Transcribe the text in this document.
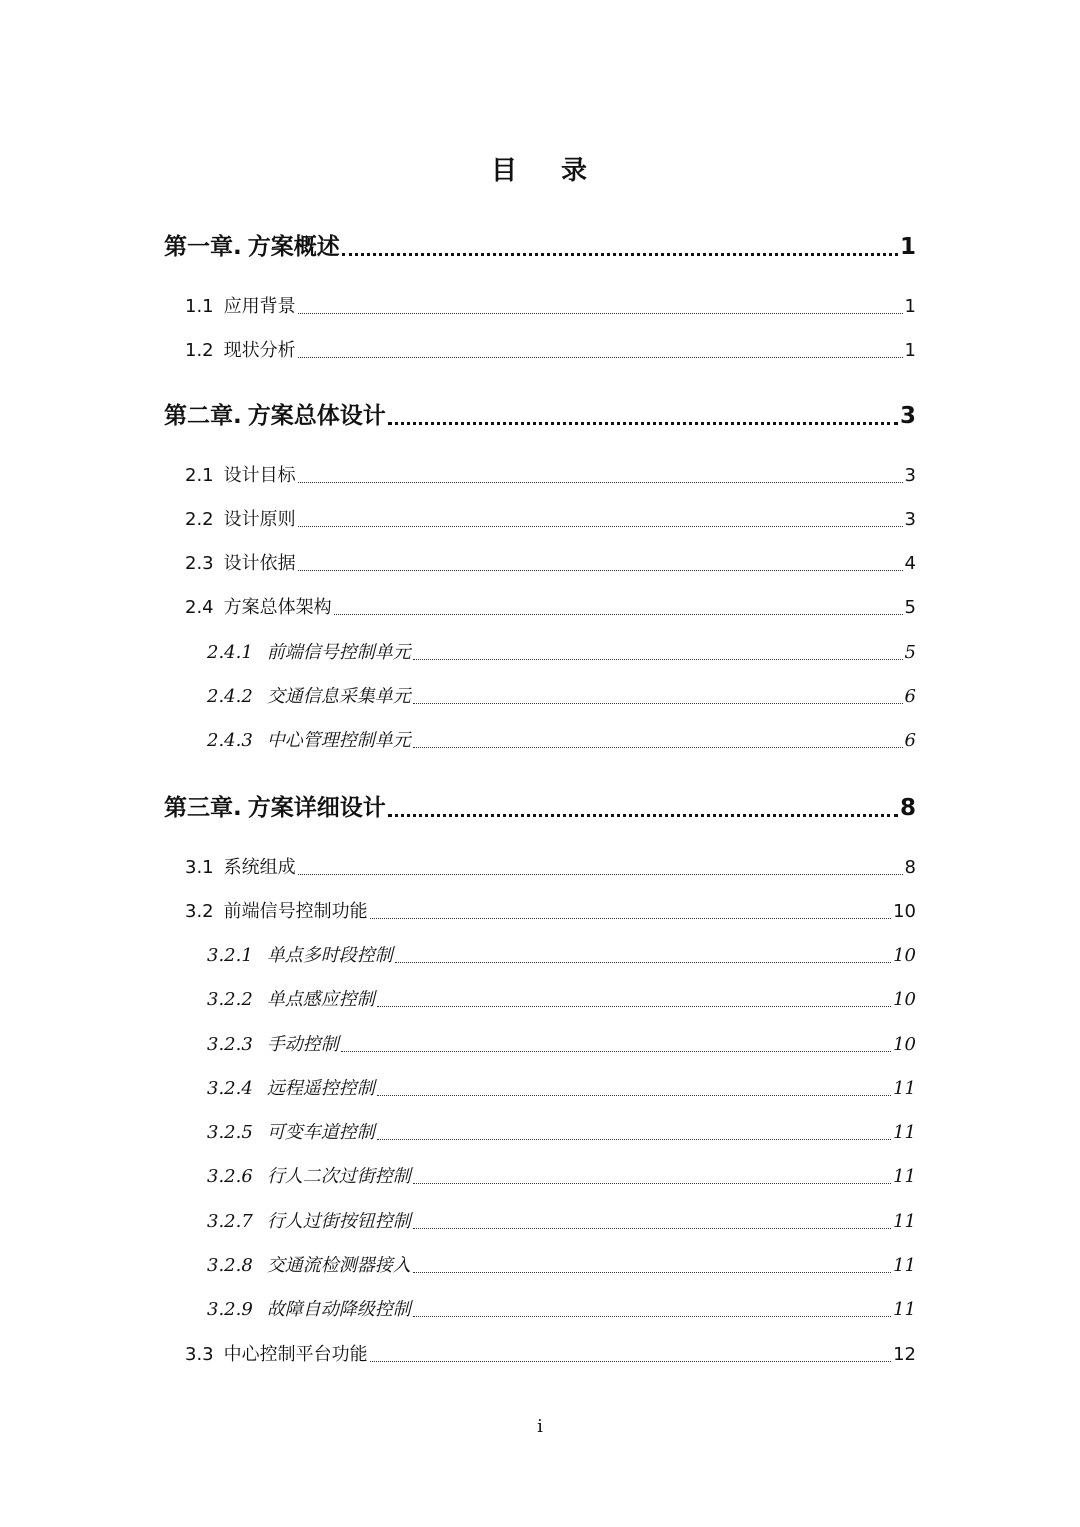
目 录
第一章. 方案概述	1
1.1 应用背景	1
1.2 现状分析	1
第二章. 方案总体设计	3
2.1 设计目标	3
2.2 设计原则	3
2.3 设计依据	4
2.4 方案总体架构	5
2.4.1 前端信号控制单元	5
2.4.2 交通信息采集单元	6
2.4.3 中心管理控制单元	6
第三章. 方案详细设计	8
3.1 系统组成	8
3.2 前端信号控制功能	10
3.2.1 单点多时段控制	10
3.2.2 单点感应控制	10
3.2.3 手动控制	10
3.2.4 远程遥控控制	11
3.2.5 可变车道控制	11
3.2.6 行人二次过街控制	11
3.2.7 行人过街按钮控制	11
3.2.8 交通流检测器接入	11
3.2.9 故障自动降级控制	11
3.3 中心控制平台功能	12
i
